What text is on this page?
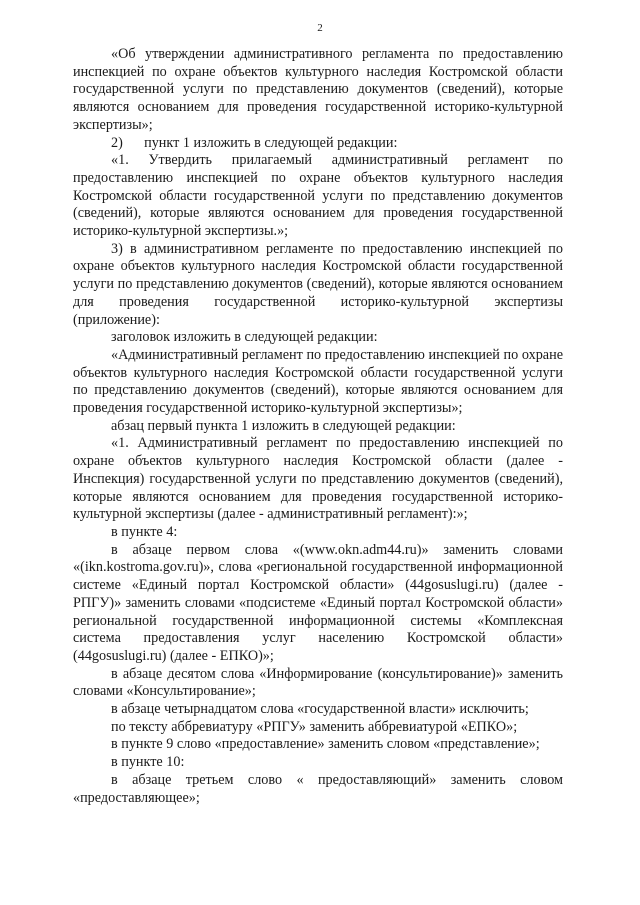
2

«Об утверждении административного регламента по предоставлению инспекцией по охране объектов культурного наследия Костромской области государственной услуги по представлению документов (сведений), которые являются основанием для проведения государственной историко-культурной экспертизы»;

2)      пункт 1 изложить в следующей редакции:

«1. Утвердить прилагаемый административный регламент по предоставлению инспекцией по охране объектов культурного наследия Костромской области государственной услуги по представлению документов (сведений), которые являются основанием для проведения государственной историко-культурной экспертизы.»;

3) в административном регламенте по предоставлению инспекцией по охране объектов культурного наследия Костромской области государственной услуги по представлению документов (сведений), которые являются основанием для проведения государственной историко-культурной экспертизы (приложение):

заголовок изложить в следующей редакции:

«Административный регламент по предоставлению инспекцией по охране объектов культурного наследия Костромской области государственной услуги по представлению документов (сведений), которые являются основанием для проведения государственной историко-культурной экспертизы»;

абзац первый пункта 1 изложить в следующей редакции:

«1. Административный регламент по предоставлению инспекцией по охране объектов культурного наследия Костромской области (далее - Инспекция) государственной услуги по представлению документов (сведений), которые являются основанием для проведения государственной историко-культурной экспертизы (далее - административный регламент):»;

в пункте 4:

в абзаце первом слова «(www.okn.adm44.ru)» заменить словами «(ikn.kostroma.gov.ru)», слова «региональной государственной информационной системе «Единый портал Костромской области» (44gosuslugi.ru) (далее - РПГУ)» заменить словами «подсистеме «Единый портал Костромской области» региональной государственной информационной системы «Комплексная система предоставления услуг населению Костромской области» (44gosuslugi.ru) (далее - ЕПКО)»;

в абзаце десятом слова «Информирование (консультирование)» заменить словами «Консультирование»;

в абзаце четырнадцатом слова «государственной власти» исключить;

по тексту аббревиатуру «РПГУ» заменить аббревиатурой «ЕПКО»;

в пункте 9 слово «предоставление» заменить словом «представление»;

в пункте 10:

в абзаце третьем слово « предоставляющий» заменить словом «предоставляющее»;
